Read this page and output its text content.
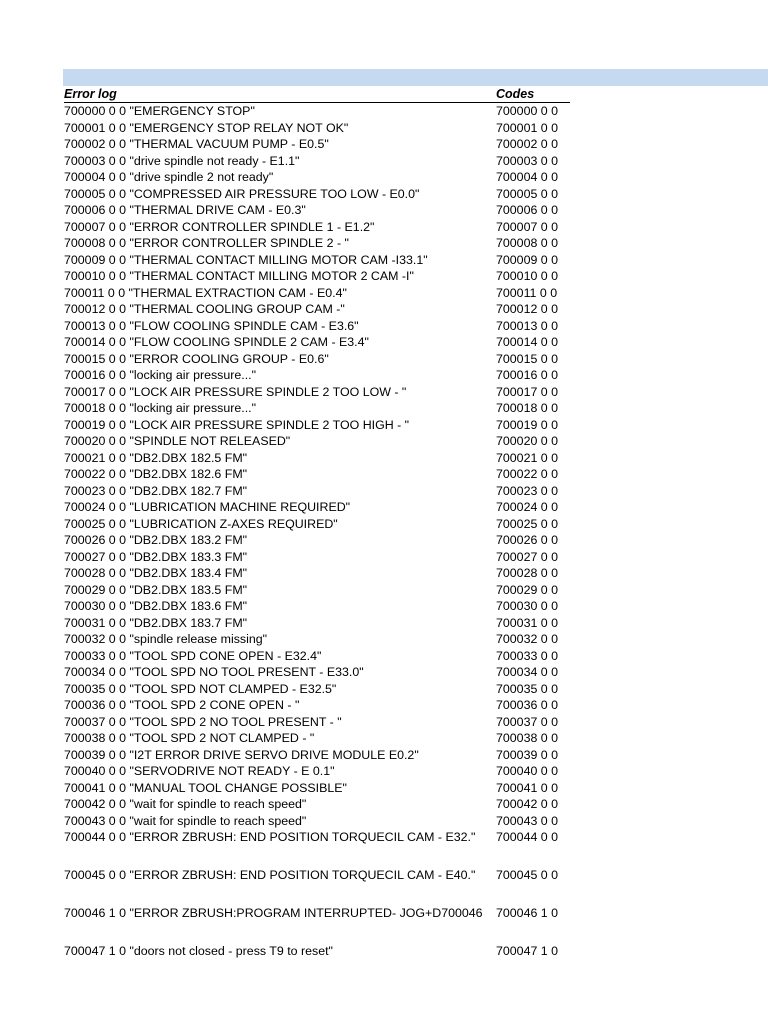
Error log	Codes
700000 0 0 "EMERGENCY STOP"	700000 0 0
700001 0 0 "EMERGENCY STOP RELAY NOT OK"	700001 0 0
700002 0 0 "THERMAL VACUUM PUMP - E0.5"	700002 0 0
700003 0 0 "drive spindle not ready - E1.1"	700003 0 0
700004 0 0 "drive spindle 2 not ready"	700004 0 0
700005 0 0 "COMPRESSED AIR PRESSURE TOO LOW - E0.0"	700005 0 0
700006 0 0 "THERMAL DRIVE CAM - E0.3"	700006 0 0
700007 0 0 "ERROR CONTROLLER SPINDLE 1 - E1.2"	700007 0 0
700008 0 0 "ERROR CONTROLLER SPINDLE 2 - "	700008 0 0
700009 0 0 "THERMAL CONTACT MILLING MOTOR CAM -I33.1"	700009 0 0
700010 0 0 "THERMAL CONTACT MILLING MOTOR 2 CAM -I"	700010 0 0
700011 0 0 "THERMAL EXTRACTION CAM - E0.4"	700011 0 0
700012 0 0 "THERMAL COOLING GROUP CAM -"	700012 0 0
700013 0 0 "FLOW COOLING SPINDLE CAM - E3.6"	700013 0 0
700014 0 0 "FLOW COOLING SPINDLE 2 CAM - E3.4"	700014 0 0
700015 0 0 "ERROR COOLING GROUP - E0.6"	700015 0 0
700016 0 0 "locking air pressure..."	700016 0 0
700017 0 0 "LOCK AIR PRESSURE SPINDLE 2 TOO LOW - "	700017 0 0
700018 0 0 "locking air pressure..."	700018 0 0
700019 0 0 "LOCK AIR PRESSURE SPINDLE 2 TOO HIGH - "	700019 0 0
700020 0 0 "SPINDLE NOT RELEASED"	700020 0 0
700021 0 0 "DB2.DBX 182.5 FM"	700021 0 0
700022 0 0 "DB2.DBX 182.6 FM"	700022 0 0
700023 0 0 "DB2.DBX 182.7 FM"	700023 0 0
700024 0 0 "LUBRICATION MACHINE REQUIRED"	700024 0 0
700025 0 0 "LUBRICATION Z-AXES REQUIRED"	700025 0 0
700026 0 0 "DB2.DBX 183.2 FM"	700026 0 0
700027 0 0 "DB2.DBX 183.3 FM"	700027 0 0
700028 0 0 "DB2.DBX 183.4 FM"	700028 0 0
700029 0 0 "DB2.DBX 183.5 FM"	700029 0 0
700030 0 0 "DB2.DBX 183.6 FM"	700030 0 0
700031 0 0 "DB2.DBX 183.7 FM"	700031 0 0
700032 0 0 "spindle release missing"	700032 0 0
700033 0 0 "TOOL SPD CONE OPEN - E32.4"	700033 0 0
700034 0 0 "TOOL SPD NO TOOL PRESENT - E33.0"	700034 0 0
700035 0 0 "TOOL SPD NOT CLAMPED - E32.5"	700035 0 0
700036 0 0 "TOOL SPD 2 CONE OPEN - "	700036 0 0
700037 0 0 "TOOL SPD 2 NO TOOL PRESENT - "	700037 0 0
700038 0 0 "TOOL SPD 2 NOT CLAMPED - "	700038 0 0
700039 0 0 "I2T ERROR DRIVE SERVO DRIVE MODULE E0.2"	700039 0 0
700040 0 0 "SERVODRIVE NOT READY - E 0.1"	700040 0 0
700041 0 0 "MANUAL TOOL CHANGE POSSIBLE"	700041 0 0
700042 0 0 "wait for spindle to reach speed"	700042 0 0
700043 0 0 "wait for spindle to reach speed"	700043 0 0
700044 0 0 "ERROR ZBRUSH: END POSITION TORQUECIL CAM - E32."	700044 0 0
700045 0 0 "ERROR ZBRUSH: END POSITION TORQUECIL CAM - E40."	700045 0 0
700046 1 0 "ERROR ZBRUSH:PROGRAM INTERRUPTED- JOG+D700046	700046 1 0
700047 1 0 "doors not closed - press T9 to reset"	700047 1 0
